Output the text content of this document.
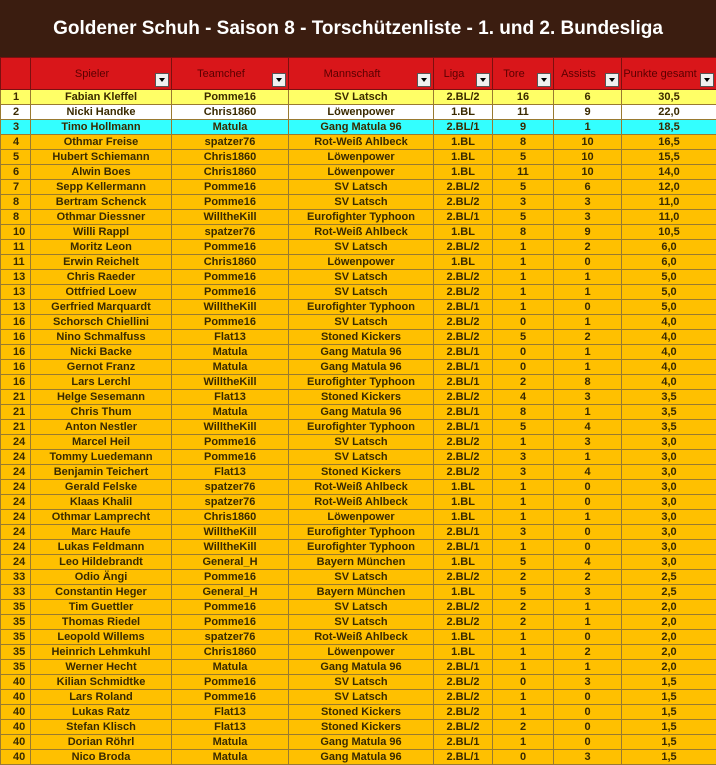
Goldener Schuh - Saison 8 - Torschützenliste - 1. und 2. Bundesliga
	Spieler	Teamchef	Mannschaft	Liga	Tore	Assists	Punkte gesamt

1	Fabian Kleffel	Pomme16	SV Latsch	2.BL/2	16	6	30,5
2	Nicki Handke	Chris1860	Löwenpower	1.BL	11	9	22,0
3	Timo Hollmann	Matula	Gang Matula 96	2.BL/1	9	1	18,5
4	Othmar Freise	spatzer76	Rot-Weiß Ahlbeck	1.BL	8	10	16,5
5	Hubert Schiemann	Chris1860	Löwenpower	1.BL	5	10	15,5
6	Alwin Boes	Chris1860	Löwenpower	1.BL	11	10	14,0
7	Sepp Kellermann	Pomme16	SV Latsch	2.BL/2	5	6	12,0
8	Bertram Schenck	Pomme16	SV Latsch	2.BL/2	3	3	11,0
8	Othmar Diessner	WilltheKill	Eurofighter Typhoon	2.BL/1	5	3	11,0
10	Willi Rappl	spatzer76	Rot-Weiß Ahlbeck	1.BL	8	9	10,5
11	Moritz Leon	Pomme16	SV Latsch	2.BL/2	1	2	6,0
11	Erwin Reichelt	Chris1860	Löwenpower	1.BL	1	0	6,0
13	Chris Raeder	Pomme16	SV Latsch	2.BL/2	1	1	5,0
13	Ottfried Loew	Pomme16	SV Latsch	2.BL/2	1	1	5,0
13	Gerfried Marquardt	WilltheKill	Eurofighter Typhoon	2.BL/1	1	0	5,0
16	Schorsch Chiellini	Pomme16	SV Latsch	2.BL/2	0	1	4,0
16	Nino Schmalfuss	Flat13	Stoned Kickers	2.BL/2	5	2	4,0
16	Nicki Backe	Matula	Gang Matula 96	2.BL/1	0	1	4,0
16	Gernot Franz	Matula	Gang Matula 96	2.BL/1	0	1	4,0
16	Lars Lerchl	WilltheKill	Eurofighter Typhoon	2.BL/1	2	8	4,0
21	Helge Sesemann	Flat13	Stoned Kickers	2.BL/2	4	3	3,5
21	Chris Thum	Matula	Gang Matula 96	2.BL/1	8	1	3,5
21	Anton Nestler	WilltheKill	Eurofighter Typhoon	2.BL/1	5	4	3,5
24	Marcel Heil	Pomme16	SV Latsch	2.BL/2	1	3	3,0
24	Tommy Luedemann	Pomme16	SV Latsch	2.BL/2	3	1	3,0
24	Benjamin Teichert	Flat13	Stoned Kickers	2.BL/2	3	4	3,0
24	Gerald Felske	spatzer76	Rot-Weiß Ahlbeck	1.BL	1	0	3,0
24	Klaas Khalil	spatzer76	Rot-Weiß Ahlbeck	1.BL	1	0	3,0
24	Othmar Lamprecht	Chris1860	Löwenpower	1.BL	1	1	3,0
24	Marc Haufe	WilltheKill	Eurofighter Typhoon	2.BL/1	3	0	3,0
24	Lukas Feldmann	WilltheKill	Eurofighter Typhoon	2.BL/1	1	0	3,0
24	Leo Hildebrandt	General_H	Bayern München	1.BL	5	4	3,0
33	Odio Ängi	Pomme16	SV Latsch	2.BL/2	2	2	2,5
33	Constantin Heger	General_H	Bayern München	1.BL	5	3	2,5
35	Tim Guettler	Pomme16	SV Latsch	2.BL/2	2	1	2,0
35	Thomas Riedel	Pomme16	SV Latsch	2.BL/2	2	1	2,0
35	Leopold Willems	spatzer76	Rot-Weiß Ahlbeck	1.BL	1	0	2,0
35	Heinrich Lehmkuhl	Chris1860	Löwenpower	1.BL	1	2	2,0
35	Werner Hecht	Matula	Gang Matula 96	2.BL/1	1	1	2,0
40	Kilian Schmidtke	Pomme16	SV Latsch	2.BL/2	0	3	1,5
40	Lars Roland	Pomme16	SV Latsch	2.BL/2	1	0	1,5
40	Lukas Ratz	Flat13	Stoned Kickers	2.BL/2	1	0	1,5
40	Stefan Klisch	Flat13	Stoned Kickers	2.BL/2	2	0	1,5
40	Dorian Röhrl	Matula	Gang Matula 96	2.BL/1	1	0	1,5
40	Nico Broda	Matula	Gang Matula 96	2.BL/1	0	3	1,5
